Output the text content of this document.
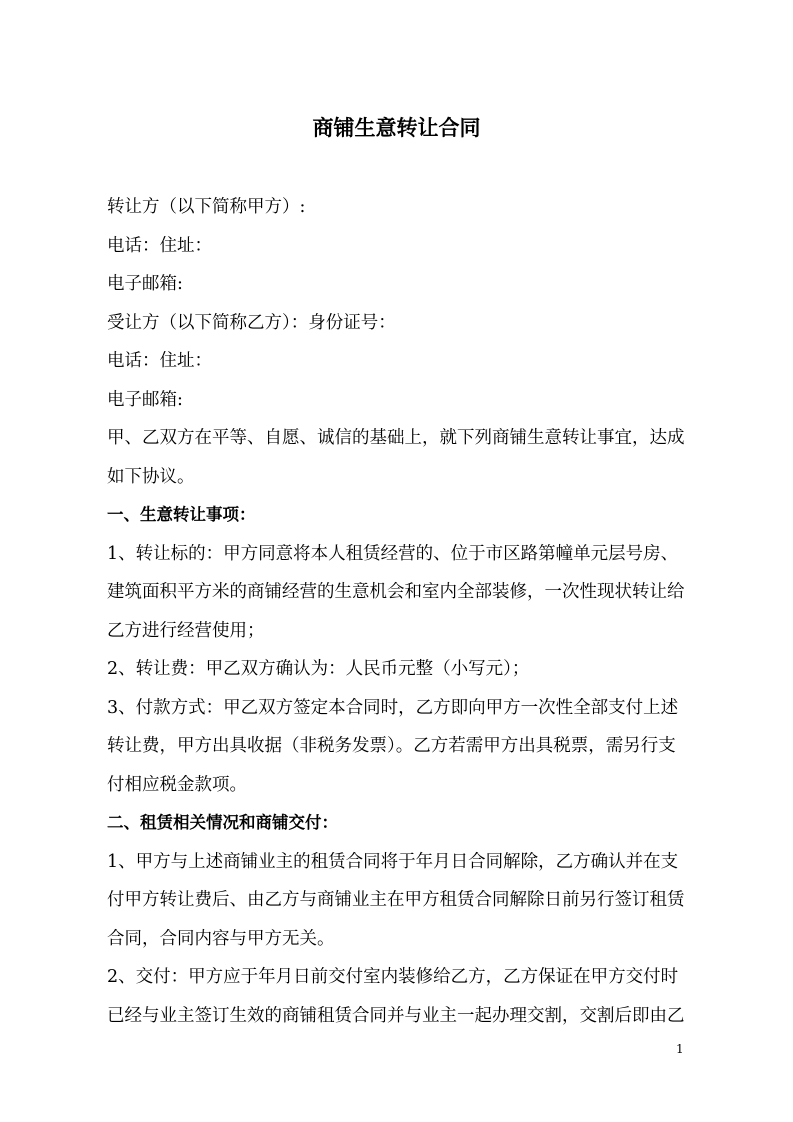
商铺生意转让合同
转让方（以下简称甲方）:
电话：住址：
电子邮箱:
受让方（以下简称乙方）：身份证号：
电话：住址：
电子邮箱:
甲、乙双方在平等、自愿、诚信的基础上，就下列商铺生意转让事宜，达成
如下协议。
一、生意转让事项：
1、转让标的：甲方同意将本人租赁经营的、位于市区路第幢单元层号房、
建筑面积平方米的商铺经营的生意机会和室内全部装修，一次性现状转让给
乙方进行经营使用；
2、转让费：甲乙双方确认为：人民币元整（小写元）；
3、付款方式：甲乙双方签定本合同时，乙方即向甲方一次性全部支付上述
转让费，甲方出具收据（非税务发票）。乙方若需甲方出具税票，需另行支
付相应税金款项。
二、租赁相关情况和商铺交付：
1、甲方与上述商铺业主的租赁合同将于年月日合同解除，乙方确认并在支
付甲方转让费后、由乙方与商铺业主在甲方租赁合同解除日前另行签订租赁
合同，合同内容与甲方无关。
2、交付：甲方应于年月日前交付室内装修给乙方，乙方保证在甲方交付时
已经与业主签订生效的商铺租赁合同并与业主一起办理交割，交割后即由乙
1
